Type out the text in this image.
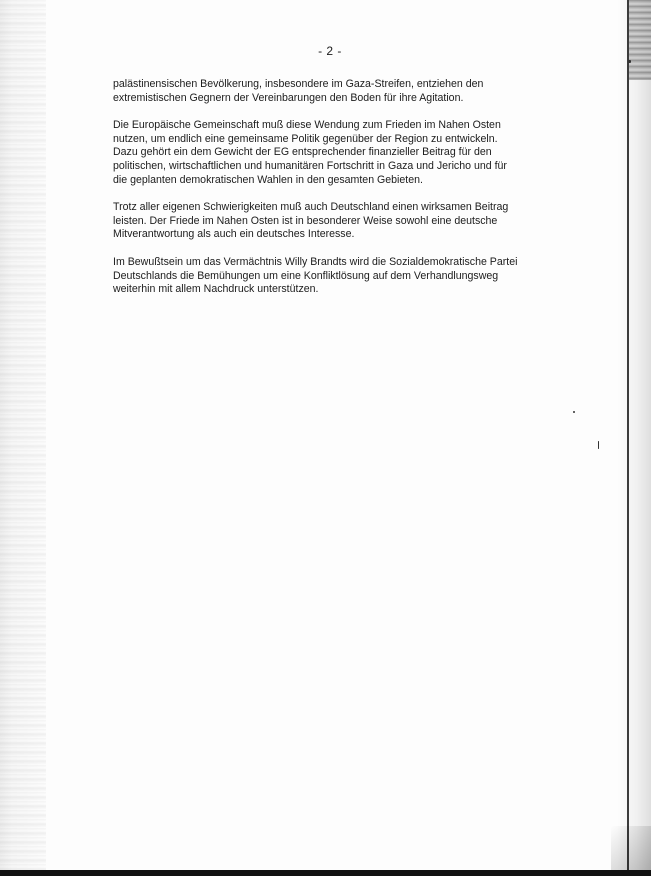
- 2 -

palästinensischen Bevölkerung, insbesondere im Gaza-Streifen, entziehen den
extremistischen Gegnern der Vereinbarungen den Boden für ihre Agitation.

Die Europäische Gemeinschaft muß diese Wendung zum Frieden im Nahen Osten
nutzen, um endlich eine gemeinsame Politik gegenüber der Region zu entwickeln.
Dazu gehört ein dem Gewicht der EG entsprechender finanzieller Beitrag für den
politischen, wirtschaftlichen und humanitären Fortschritt in Gaza und Jericho und für
die geplanten demokratischen Wahlen in den gesamten Gebieten.

Trotz aller eigenen Schwierigkeiten muß auch Deutschland einen wirksamen Beitrag
leisten. Der Friede im Nahen Osten ist in besonderer Weise sowohl eine deutsche
Mitverantwortung als auch ein deutsches Interesse.

Im Bewußtsein um das Vermächtnis Willy Brandts wird die Sozialdemokratische Partei
Deutschlands die Bemühungen um eine Konfliktlösung auf dem Verhandlungsweg
weiterhin mit allem Nachdruck unterstützen.
